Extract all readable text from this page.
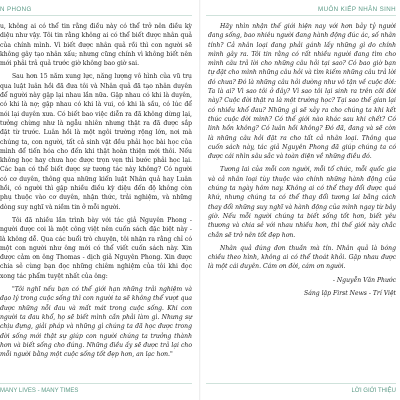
N PHONG

u, không ai có thể tin rằng điều này có thể trở nên điều kỳ diệu như vậy. Tôi tin rằng không ai có thể biết được nhân quả của chính mình. Vì biết được nhân quả rồi thì con người sẽ không gây tạo nhân xấu; nhưng cũng chính vì không biết nên mới phải trả quả trước giờ không bao giờ sai.

Sau hơn 15 năm xung lực, năng lượng vô hình của vũ trụ qua luật luân hồi đã đưa tôi và Nhân quả đã tạo nhân duyên để người này gặp lại nhau lần nữa. Gặp nhau có khi là duyên, có khi là nợ; gặp nhau có khi là vui, có khi là sầu, có lúc để nói lại duyên xưa. Có biết bao việc diễn ra đã không dừng lại, tưởng chừng như là ngẫu nhiên nhưng thật ra đã được sắp đặt từ trước. Luân hồi là một ngôi trường rộng lớn, nơi mà chúng ta, con người, tất cả sinh vật đều phải học bài học của mình để tiến hóa cho đến khi thật hoàn thiện mới thôi. Nếu không học hay chưa học được trọn vẹn thì bước phải học lại. Các bạn có thể biết được sự tương tác này không? Có người có cơ duyên, thông qua những kiến luật Nhân quả hay Luân hồi, có người thì gặp nhiều điều kỳ diệu đến độ không còn phụ thuộc vào cơ duyên, nhận thức, trải nghiệm, và những dòng suy nghĩ và niềm tin ở mỗi người.

Tôi đã nhiều lần trình bày với tác giả Nguyên Phong - người được coi là một công việt nên cuốn sách đặc biệt này - là không dễ. Qua các buổi trò chuyện, tôi nhận ra rằng chỉ có một con người như ông mới có thể viết cuốn sách này. Xin được cảm ơn ông Thomas - dịch giả Nguyên Phong. Xin được chia sẻ cùng bạn đọc những chiêm nghiệm của tôi khi đọc xong tác phẩm tuyệt nhất của ông:

"Tôi nghĩ nếu bạn có thể giới hạn những trải nghiệm và đạo lý trong cuộc sống thì con người ta sẽ không thể vượt qua được những nỗi đau và mất mát trong cuộc sống. Khi con người ta đau khổ, họ sẽ biết mình cần phải làm gì. Nhưng sự chịu đựng, giải pháp và những gì chúng ta đã học được trong đời sống mới thật sự giúp con người chúng ta trưởng thành hơn và biết sống cho đúng. Những điều ấy sẽ được trả lại cho mỗi người bằng một cuộc sống tốt đẹp hơn, an lạc hơn."

MANY LIVES - MANY TIMES
MUÔN KIẾP NHÂN SINH

Hãy nhìn nhận thế giới hiện nay với hơn bảy tỷ người đang sống, bao nhiêu người đang hành động đúc ác, số nhân tính? Cả nhân loại đang phải gánh lấy những gì do chính mình gây ra. Tôi tin rằng có rất nhiều người đang tìm cho mình câu trả lời cho những câu hỏi tại sao? Có bao giờ bạn tự đặt cho mình những câu hỏi và tìm kiếm những câu trả lời đó chưa? Đó là những câu hỏi dường như vô tận về cuộc đời: Ta là ai? Vì sao tôi ở đây? Vì sao tôi lại sinh ra trên cõi đời này? Cuộc đời thật ra là một trường học? Tại sao thế gian lại có nhiều khổ đau? Những gì sẽ xảy ra cho chúng ta khi kết thúc cuộc đời mình? Có thế giới nào khác sau khi chết? Có linh hồn không? Có luân hồi không? Đó đã, đang và sẽ còn là những câu hỏi đặt ra cho tất cả nhân loại. Thông qua cuốn sách này, tác giả Nguyên Phong đã giúp chúng ta có được cái nhìn sâu sắc và toàn diện về những điều đó.

Tương lai của mỗi con người, mỗi tổ chức, mỗi quốc gia và cả nhân loại tùy thuộc vào chính những hành động của chúng ta ngày hôm nay. Không ai có thể thay đổi được quá khứ, nhưng chúng ta có thể thay đổi tương lai bằng cách thay đổi những suy nghĩ và hành động của mình ngay từ bây giờ. Nếu mỗi người chúng ta biết sống tốt hơn, biết yêu thương và chia sẻ với nhau nhiều hơn, thì thế giới này chắc chắn sẽ trở nên tốt đẹp hơn.

Nhân quả đúng đơn thuần mà tín. Nhân quả là bóng chiều theo hình, không ai có thể thoát khỏi. Gặp nhau được là một cái duyên. Cám ơn đời, cám ơn người.

- Nguyễn Văn Phước

Sáng lập First News - Trí Việt

LỜI GIỚI THIỆU
